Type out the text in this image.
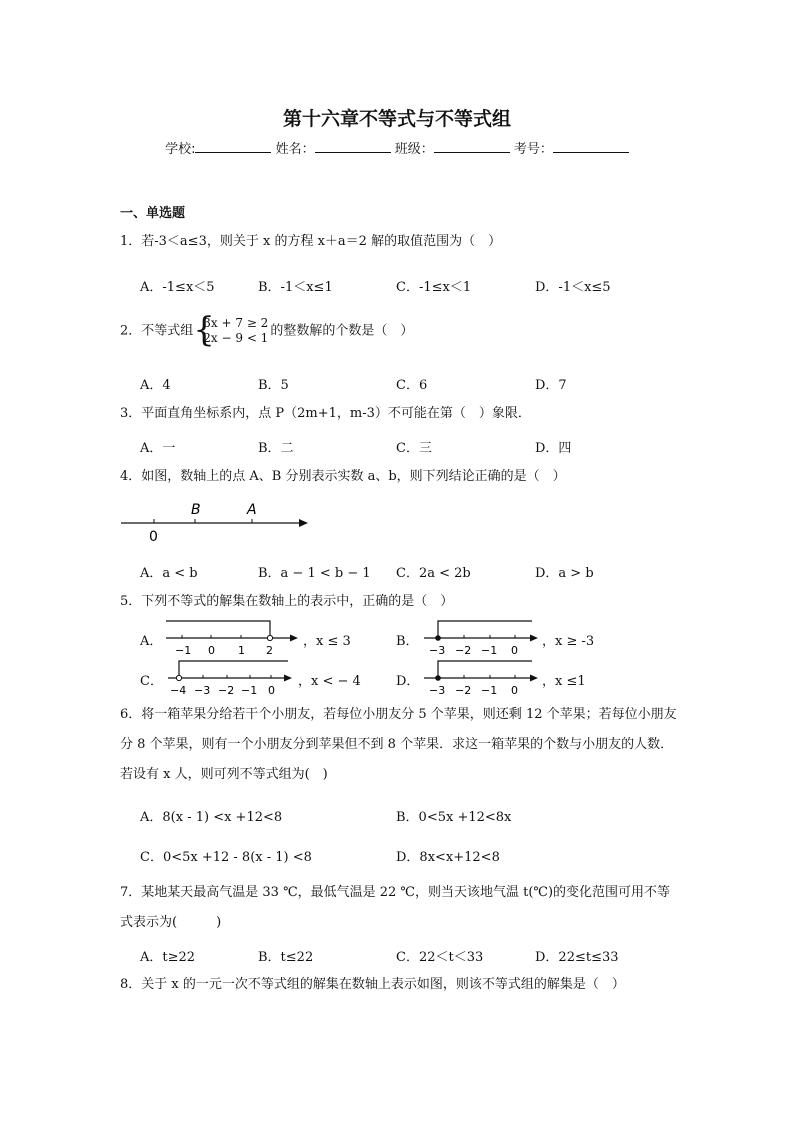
第十六章不等式与不等式组
学校:	姓名：	班级：	考号：
一、单选题
1．若-3＜a≤3，则关于 x 的方程 x＋a＝2 解的取值范围为（　）
A．-1≤x＜5	B．-1＜x≤1	C．-1≤x＜1	D．-1＜x≤5
2．不等式组
{ 3x + 7 ≥ 2
2x − 9 < 1 的整数解的个数是（　）
A．4	B．5	C．6	D．7
3．平面直角坐标系内，点 P（2m+1，m-3）不可能在第（　）象限．
A．一	B．二	C．三	D．四
4．如图，数轴上的点 A、B 分别表示实数 a、b，则下列结论正确的是（　）
B	A
0
A．a < b	B．a − 1 < b − 1 C．2a < 2b	D．a > b
5．下列不等式的解集在数轴上的表示中，正确的是（　）
A．
−1 0 1 2
，x ≤ 3	B．
−3 −2 −1 0
，x ≥ -3
C．
−4 −3 −2 −1 0
，x < − 4	D．
−3 −2 −1 0
，x ≤1
6．将一箱苹果分给若干个小朋友，若每位小朋友分 5 个苹果，则还剩 12 个苹果；若每位小朋友分 8 个苹果，则有一个小朋友分到苹果但不到 8 个苹果．求这一箱苹果的个数与小朋友的人数．若设有 x 人，则可列不等式组为(　)
A．8(x - 1) <x +12<8	B．0<5x +12<8x
C．0<5x +12 - 8(x - 1) <8	D．8x<x+12<8
7．某地某天最高气温是 33 ℃，最低气温是 22 ℃，则当天该地气温 t(℃)的变化范围可用不等式表示为(　　　)
A．t≥22	B．t≤22	C．22＜t＜33	D．22≤t≤33
8．关于 x 的一元一次不等式组的解集在数轴上表示如图，则该不等式组的解集是（　）
